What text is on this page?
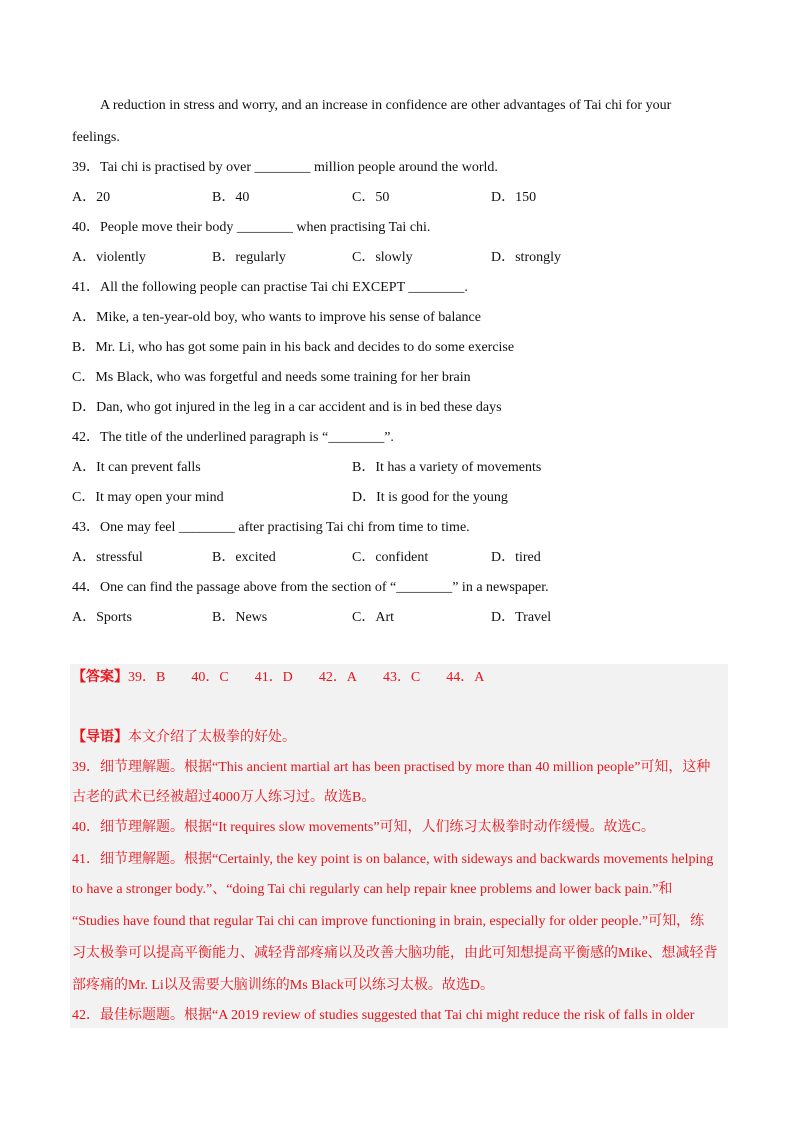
A reduction in stress and worry, and an increase in confidence are other advantages of Tai chi for your
feelings.
39．Tai chi is practised by over ________ million people around the world.
A．20	B．40	C．50	D．150
40．People move their body ________ when practising Tai chi.
A．violently	B．regularly	C．slowly	D．strongly
41．All the following people can practise Tai chi EXCEPT ________.
A．Mike, a ten-year-old boy, who wants to improve his sense of balance
B．Mr. Li, who has got some pain in his back and decides to do some exercise
C．Ms Black, who was forgetful and needs some training for her brain
D．Dan, who got injured in the leg in a car accident and is in bed these days
42．The title of the underlined paragraph is “________”.
A．It can prevent falls	B．It has a variety of movements
C．It may open your mind	D．It is good for the young
43．One may feel ________ after practising Tai chi from time to time.
A．stressful	B．excited	C．confident	D．tired
44．One can find the passage above from the section of “________” in a newspaper.
A．Sports	B．News	C．Art	D．Travel
【答案】39．B 40．C 41．D 42．A 43．C 44．A
【导语】本文介绍了太极拳的好处。
39．细节理解题。根据“This ancient martial art has been practised by more than 40 million people”可知，这种
古老的武术已经被超过4000万人练习过。故选B。
40．细节理解题。根据“It requires slow movements”可知，人们练习太极拳时动作缓慢。故选C。
41．细节理解题。根据“Certainly, the key point is on balance, with sideways and backwards movements helping
to have a stronger body.”、“doing Tai chi regularly can help repair knee problems and lower back pain.”和
“Studies have found that regular Tai chi can improve functioning in brain, especially for older people.”可知，练
习太极拳可以提高平衡能力、减轻背部疼痛以及改善大脑功能，由此可知想提高平衡感的Mike、想减轻背
部疼痛的Mr. Li以及需要大脑训练的Ms Black可以练习太极。故选D。
42．最佳标题题。根据“A 2019 review of studies suggested that Tai chi might reduce the risk of falls in older
